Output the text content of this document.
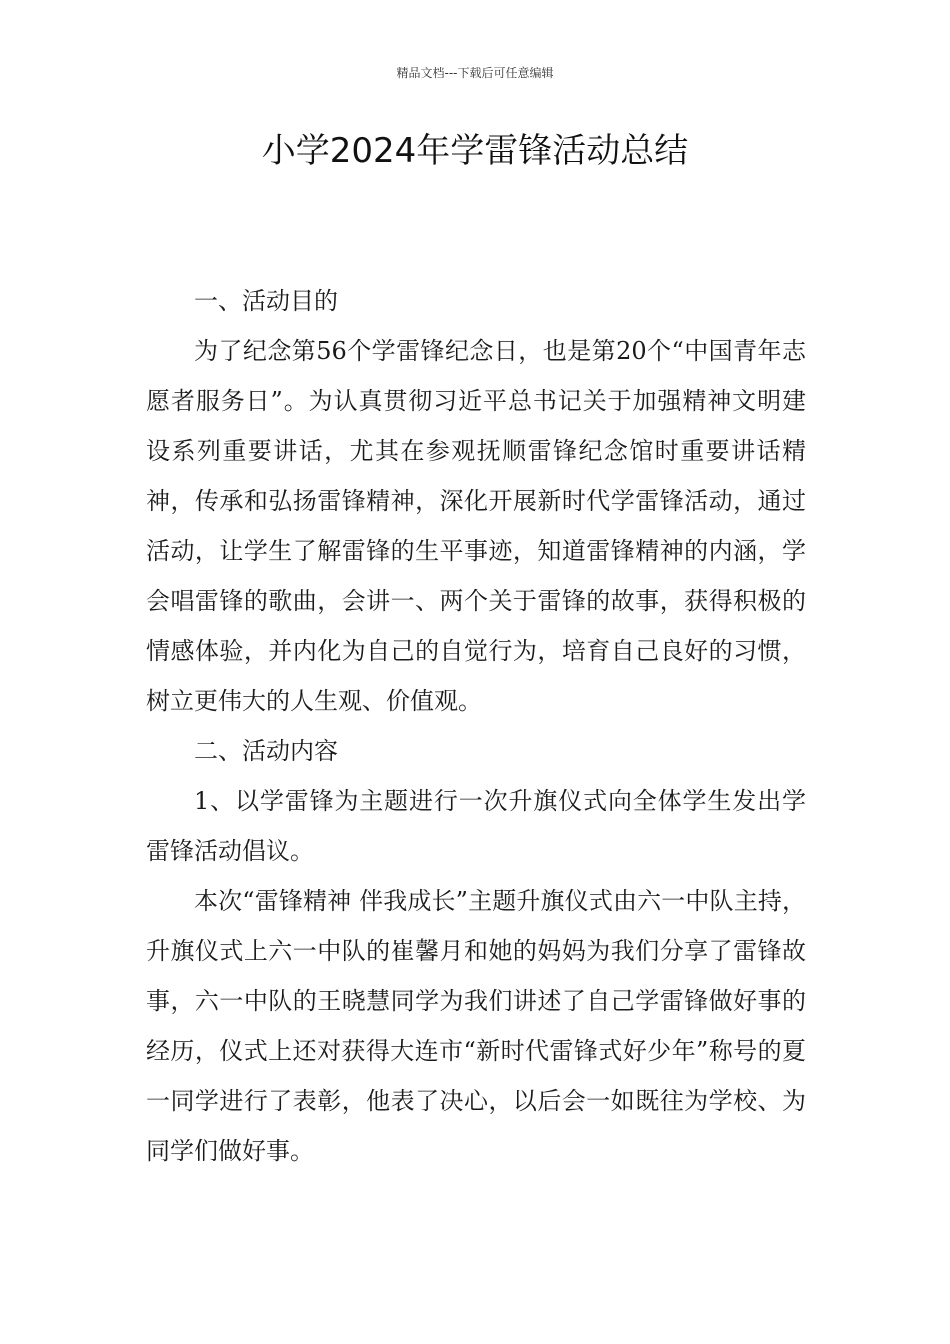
精品文档---下载后可任意编辑
小学2024年学雷锋活动总结

一、活动目的

为了纪念第56个学雷锋纪念日，也是第20个“中国青年志愿者服务日”。为认真贯彻习近平总书记关于加强精神文明建设系列重要讲话，尤其在参观抚顺雷锋纪念馆时重要讲话精神，传承和弘扬雷锋精神，深化开展新时代学雷锋活动，通过活动，让学生了解雷锋的生平事迹，知道雷锋精神的内涵，学会唱雷锋的歌曲，会讲一、两个关于雷锋的故事，获得积极的情感体验，并内化为自己的自觉行为，培育自己良好的习惯，树立更伟大的人生观、价值观。

二、活动内容

1、以学雷锋为主题进行一次升旗仪式向全体学生发出学雷锋活动倡议。

本次“雷锋精神 伴我成长”主题升旗仪式由六一中队主持，升旗仪式上六一中队的崔馨月和她的妈妈为我们分享了雷锋故事，六一中队的王晓慧同学为我们讲述了自己学雷锋做好事的经历，仪式上还对获得大连市“新时代雷锋式好少年”称号的夏一同学进行了表彰，他表了决心，以后会一如既往为学校、为同学们做好事。
